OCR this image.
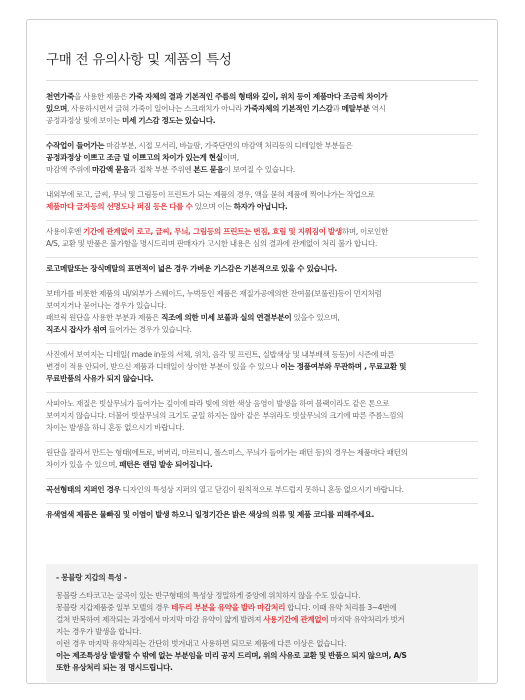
구매 전 유의사항 및 제품의 특성
천연가죽을 사용한 제품은 가죽 자체의 결과 기본적인 주름의 형태와 깊이, 위치 등이 제품마다 조금씩 차이가
있으며, 사용하시면서 긁혀 가죽이 일어나는 스크래치가 아니라 가죽자체의 기본적인 기스감과 메탈부분 역시
공정과정상 빛에 보이는 미세 기스감 정도는 있습니다.
수작업이 들어가는 마감부분, 시접 모서리, 바늘땀, 가죽단면의 마감액 처리등의 디테일한 부분들은
공정과정상 이쁘고 조금 덜 이쁘고의 차이가 있는게 현실이며,
마감액 주위에 마감액 묻음과 접착 부분 주위엔 본드 묻음이 보여질 수 있습니다.
내외부에 로고, 글씨, 무늬 및 그림등이 프린트가 되는 제품의 경우, 액을 묻혀 제품에 찍어나가는 작업으로
제품마다 글자등의 선명도나 퍼짐 등은 다를 수 있으며 이는 하자가 아닙니다.
사용이후엔 기간에 관계없이 로고, 글씨, 무늬, 그림등의 프린트는 번짐, 흐림 및 지워짐이 발생하며, 이로인한
A/S, 교환 및 반품은 불가함을 명시드리며 판매자가 고시한 내용은 심의 결과에 관계없이 처리 불가 합니다.
로고메탈또는 장식메탈의 표면적이 넓은 경우 가벼운 기스감은 기본적으로 있을 수 있습니다.
보테가를 비롯한 제품의 내/외부가 스웨이드, 누벅등인 제품은 재질가공에의한 잔여물(보풀린)등이 먼지처럼
보여지거나 묻어나는 경우가 있습니다.
패브릭 원단을 사용한 부분과 제품은 직조에 의한 미세 보풀과 실의 연결부분이 있을수 있으며,
직조시 잡사가 섞여 들어가는 경우가 있습니다.
사진에서 보여지는 디테일( made in등의 서체, 위치, 음각 및 프린트, 실밥색상 및 내부배색 등등)이 시즌에 따른
변경이 적용 안되어, 받으신 제품과 디테일이 상이한 부분이 있을 수 있으나 이는 정품여부와 무관하며 , 무료교환 및
무료반품의 사유가 되지 않습니다.
사피아노 재질은 빗살무늬가 들어가는 깊이에 따라 빛에 의한 색상 음영이 발생을 하여 블랙이라도 같은 톤으로
보여지지 않습니다. 더불어 빗살무늬의 크기도 균일 하지는 않아 같은 부위라도 빗살무늬의 크기에 따른 주름느낌의
차이는 발생을 하니 혼동 없으시기 바랍니다.
원단을 잘라서 만드는 형태(에트로, 버버리, 마르티니, 폴스미스, 무늬가 들어가는 패턴 등)의 경우는 제품마다 패턴의
차이가 있을 수 있으며, 패턴은 랜덤 발송 되어집니다.
곡선형태의 지퍼인 경우 디자인의 특성상 지퍼의 열고 닫김이 원칙적으로 부드럽지 못하니 혼동 없으시기 바랍니다.
유색염색 제품은 물빠짐 및 이염이 발생 하오니 일정기간은 밝은 색상의 의류 및 제품 코디를 피해주세요.
- 몽블랑 지갑의 특성 -
몽블랑 스타코고는 굴곡이 있는 반구형태의 특성상 정밀하게 중앙에 위치하지 않을 수도 있습니다.
몽블랑 지갑제품중 일부 모델의 경우 테두리 부분을 유약을 발라 마감처리 합니다. 이때 유약 처리를 3~4번에
걸쳐 반복하여 제작되는 과정에서 마지막 마감 유약이 얇게 발려져 사용기간에 관계없이 마지막 유약처리가 벗겨
지는 경우가 발생을 합니다.
이런 경우 마지막 유약처리는 간단히 벗겨내고 사용하면 되므로 제품에 다른 이상은 없습니다.
이는 제조특성상 발생할 수 밖에 없는 부분임을 미리 공지 드리며, 위의 사유로 교환 및 반품으 되지 않으며, A/S
또한 유상처리 되는 점 명시드립니다.
